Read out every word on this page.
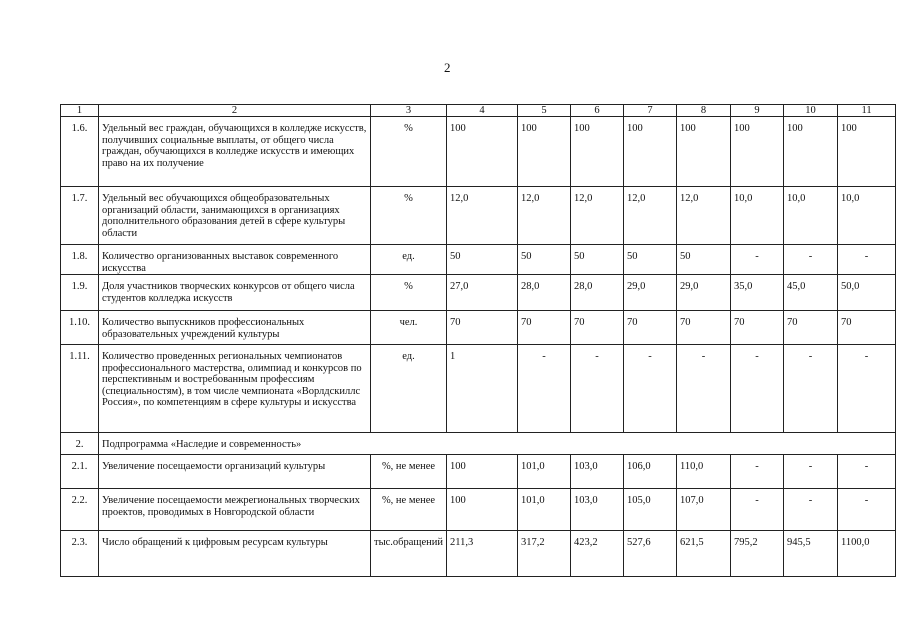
2
1	2	3	4	5	6	7	8	9	10	11
1.6.	Удельный вес граждан, обучающихся в колледже искусств, получивших социальные выплаты, от общего числа граждан, обучающихся в колледже искусств и имеющих право на их получение	%	100	100	100	100	100	100	100	100
1.7.	Удельный вес обучающихся общеобразовательных организаций области, занимающихся в организациях дополнительного образования детей в сфере культуры области	%	12,0	12,0	12,0	12,0	12,0	10,0	10,0	10,0
1.8.	Количество организованных выставок современного искусства	ед.	50	50	50	50	50	-	-	-
1.9.	Доля участников творческих конкурсов от общего числа студентов колледжа искусств	%	27,0	28,0	28,0	29,0	29,0	35,0	45,0	50,0
1.10.	Количество выпускников профессиональных образовательных учреждений культуры	чел.	70	70	70	70	70	70	70	70
1.11.	Количество проведенных региональных чемпионатов профессионального мастерства, олимпиад и конкурсов по перспективным и востребованным профессиям (специальностям), в том числе чемпионата «Ворлдскиллс Россия», по компетенциям в сфере культуры и искусства	ед.	1	-	-	-	-	-	-	-
2.	Подпрограмма «Наследие и современность»									
2.1.	Увеличение посещаемости организаций культуры	%, не менее	100	101,0	103,0	106,0	110,0	-	-	-
2.2.	Увеличение посещаемости межрегиональных творческих проектов, проводимых в Новгородской области	%, не менее	100	101,0	103,0	105,0	107,0	-	-	-
2.3.	Число обращений к цифровым ресурсам культуры	тыс.обращений	211,3	317,2	423,2	527,6	621,5	795,2	945,5	1100,0
